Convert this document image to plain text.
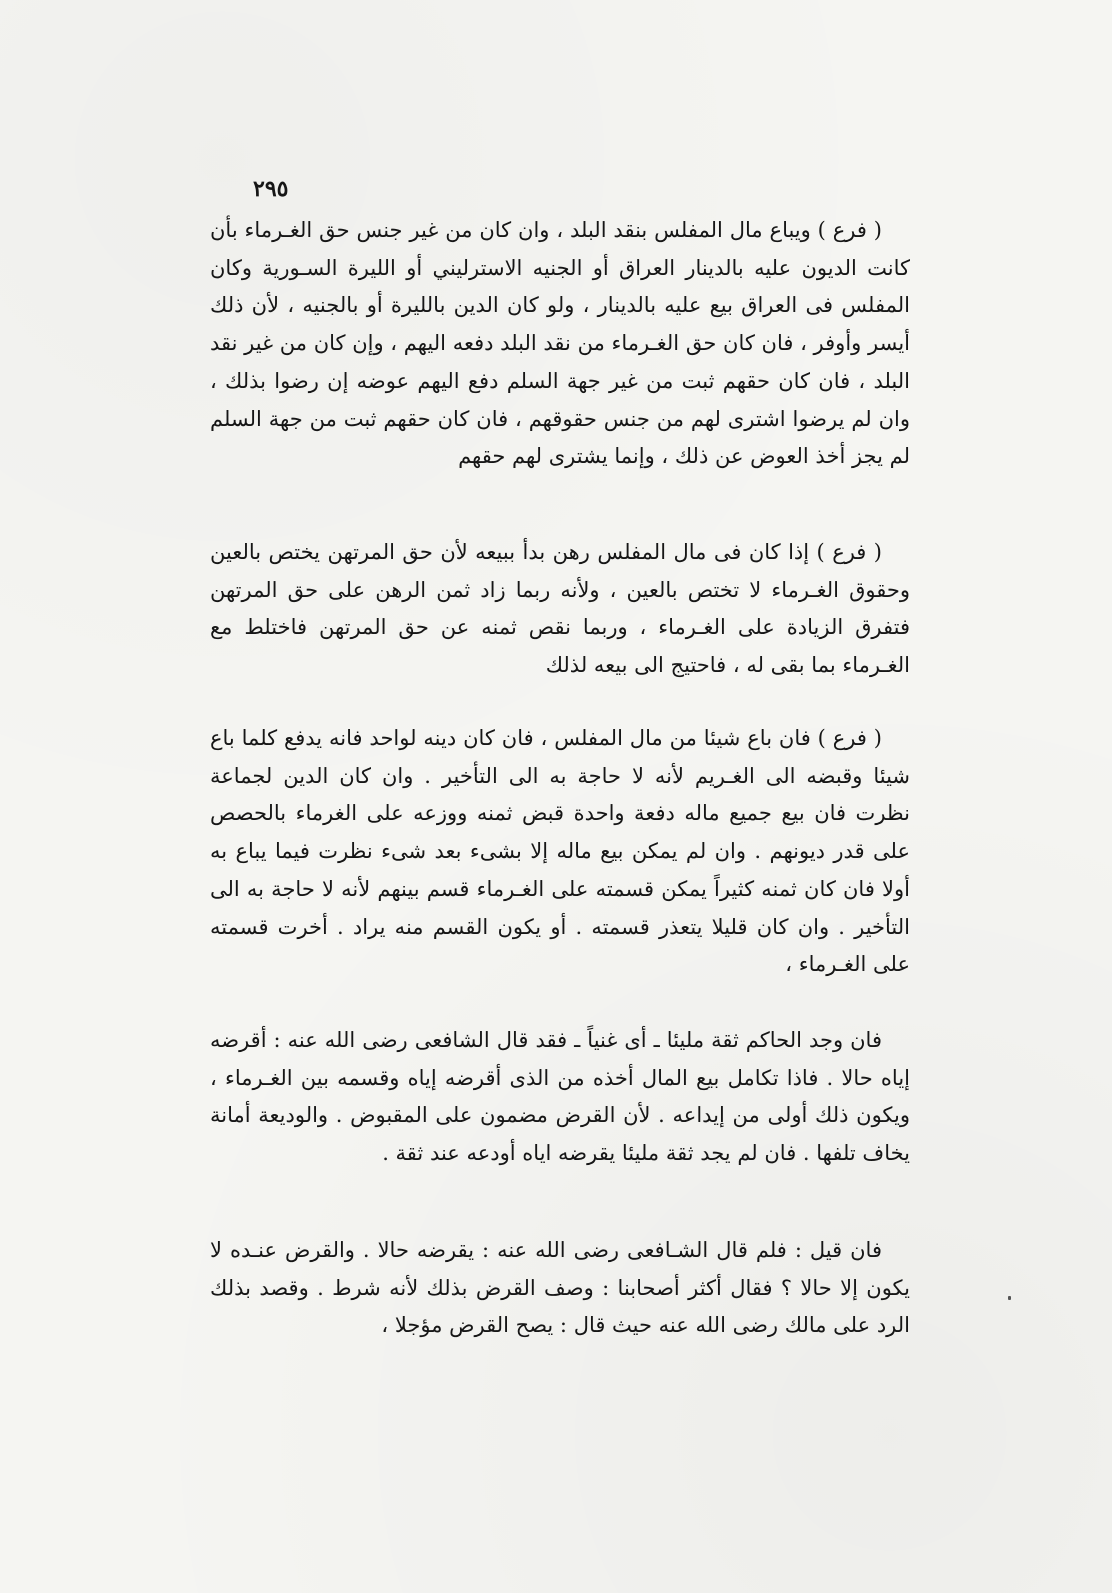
٢٩٥

( فرع ) ويباع مال المفلس بنقد البلد ، وان كان من غير جنس حق الغـرماء بأن كانت الديون عليه بالدينار العراق أو الجنيه الاسترليني أو الليرة السـورية وكان المفلس فى العراق بيع عليه بالدينار ، ولو كان الدين بالليرة أو بالجنيه ، لأن ذلك أيسر وأوفر ، فان كان حق الغـرماء من نقد البلد دفعه اليهم ، وإن كان من غير نقد البلد ، فان كان حقهم ثبت من غير جهة السلم دفع اليهم عوضه إن رضوا بذلك ، وان لم يرضوا اشترى لهم من جنس حقوقهم ، فان كان حقهم ثبت من جهة السلم لم يجز أخذ العوض عن ذلك ، وإنما يشترى لهم حقهم

( فرع ) إذا كان فى مال المفلس رهن بدأ ببيعه لأن حق المرتهن يختص بالعين وحقوق الغـرماء لا تختص بالعين ، ولأنه ربما زاد ثمن الرهن على حق المرتهن فتفرق الزيادة على الغـرماء ، وربما نقص ثمنه عن حق المرتهن فاختلط مع الغـرماء بما بقى له ، فاحتيج الى بيعه لذلك

( فرع ) فان باع شيئا من مال المفلس ، فان كان دينه لواحد فانه يدفع كلما باع شيئا وقبضه الى الغـريم لأنه لا حاجة به الى التأخير . وان كان الدين لجماعة نظرت فان بيع جميع ماله دفعة واحدة قبض ثمنه ووزعه على الغرماء بالحصص على قدر ديونهم . وان لم يمكن بيع ماله إلا بشىء بعد شىء نظرت فيما يباع به أولا فان كان ثمنه كثيراً يمكن قسمته على الغـرماء قسم بينهم لأنه لا حاجة به الى التأخير . وان كان قليلا يتعذر قسمته . أو يكون القسم منه يراد . أخرت قسمته على الغـرماء ،

فان وجد الحاكم ثقة مليئا ـ أى غنياً ـ فقد قال الشافعى رضى الله عنه : أقرضه إياه حالا . فاذا تكامل بيع المال أخذه من الذى أقرضه إياه وقسمه بين الغـرماء ، ويكون ذلك أولى من إيداعه . لأن القرض مضمون على المقبوض . والوديعة أمانة يخاف تلفها . فان لم يجد ثقة مليئا يقرضه اياه أودعه عند ثقة .

فان قيل : فلم قال الشـافعى رضى الله عنه : يقرضه حالا . والقرض عنـده لا يكون إلا حالا ؟ فقال أكثر أصحابنا : وصف القرض بذلك لأنه شرط . وقصد بذلك الرد على مالك رضى الله عنه حيث قال : يصح القرض مؤجلا ،
